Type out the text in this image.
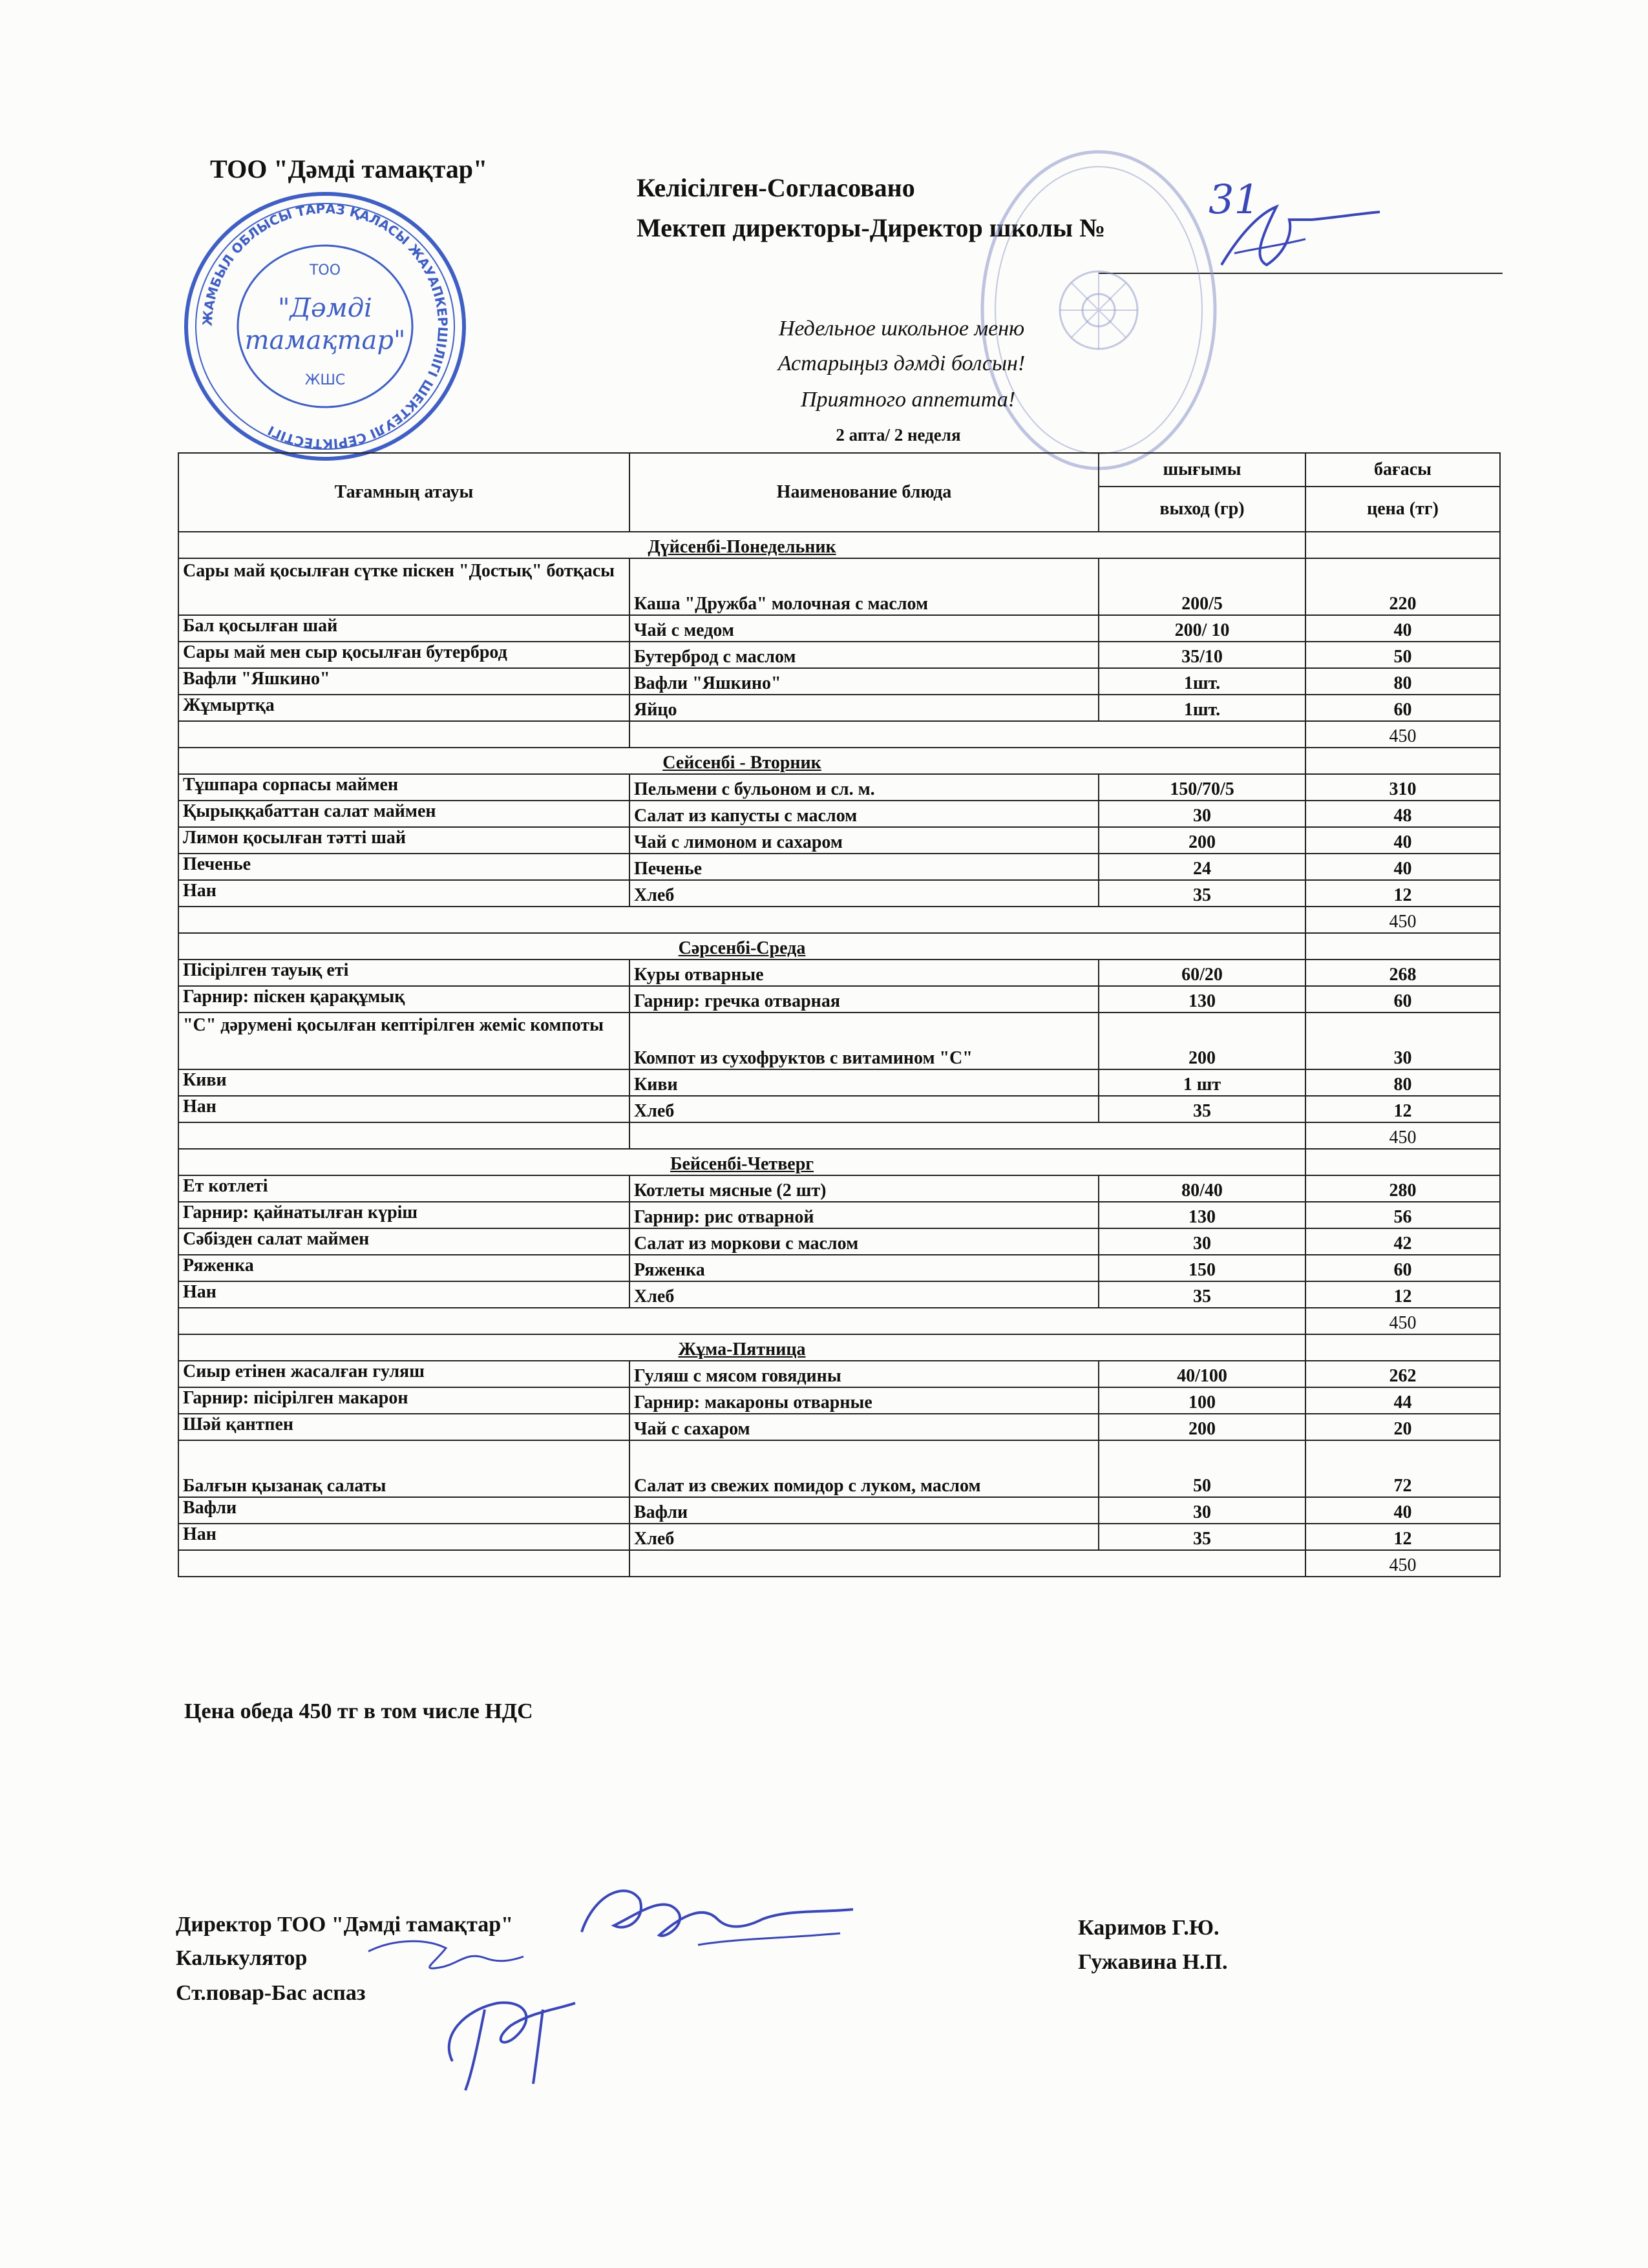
ТОО "Дәмді тамақтар"
Келісілген-Согласовано
Мектеп директоры-Директор школы №
31
ЖАМБЫЛ ОБЛЫСЫ ТАРАЗ ҚАЛАСЫ ЖАУАПКЕРШІЛІГІ ШЕКТЕУЛІ СЕРІКТЕСТІГІ
ТОО
"Дәмді
тамақтар"
ЖШС
Недельное школьное меню
Астарыңыз дәмді болсын!
Приятного аппетита!
2 апта/ 2 неделя
Тағамның атауы	Наименование блюда	шығымы	бағасы
		выход (гр)	цена (тг)
Дүйсенбі-Понедельник			
Сары май қосылған сүтке піскен "Достық" ботқасы	Каша "Дружба" молочная с маслом	200/5	220
Бал қосылған шай	Чай с медом	200/ 10	40
Сары май мен сыр қосылған бутерброд	Бутерброд с маслом	35/10	50
Вафли "Яшкино"	Вафли "Яшкино"	1шт.	80
Жұмыртқа	Яйцо	1шт.	60
			450
Сейсенбі - Вторник			
Тұшпара сорпасы маймен	Пельмени с бульоном и сл. м.	150/70/5	310
Қырыққабаттан салат маймен	Салат из капусты с маслом	30	48
Лимон қосылған тәтті шай	Чай с лимоном и сахаром	200	40
Печенье	Печенье	24	40
Нан	Хлеб	35	12
			450
Сәрсенбі-Среда			
Пісірілген тауық еті	Куры отварные	60/20	268
Гарнир: піскен қарақұмық	Гарнир: гречка отварная	130	60
"С" дәрумені қосылған кептірілген жеміс компоты	Компот из сухофруктов с витамином "С"	200	30
Киви	Киви	1 шт	80
Нан	Хлеб	35	12
			450
Бейсенбі-Четверг			
Ет котлеті	Котлеты мясные (2 шт)	80/40	280
Гарнир: қайнатылған күріш	Гарнир: рис отварной	130	56
Сәбізден салат маймен	Салат из моркови с маслом	30	42
Ряженка	Ряженка	150	60
Нан	Хлеб	35	12
			450
Жұма-Пятница			
Сиыр етінен жасалған гуляш	Гуляш с мясом говядины	40/100	262
Гарнир: пісірілген макарон	Гарнир: макароны отварные	100	44
Шәй қантпен	Чай с сахаром	200	20
Балғын қызанақ салаты	Салат из свежих помидор с луком, маслом	50	72
Вафли	Вафли	30	40
Нан	Хлеб	35	12
			450
Цена обеда 450 тг в том числе НДС
Директор ТОО "Дәмді тамақтар"
Калькулятор
Ст.повар-Бас аспаз
Каримов Г.Ю.
Гужавина Н.П.
